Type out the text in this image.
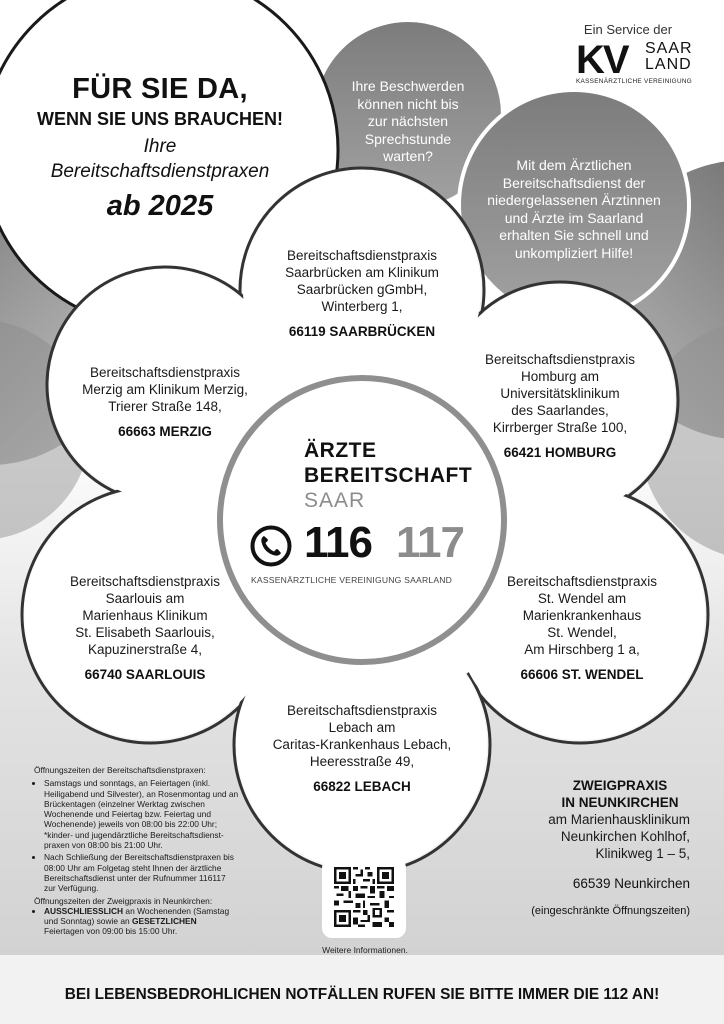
Ein Service der
KV SAAR
LAND
KASSENÄRZTLICHE VEREINIGUNG
FÜR SIE DA,
WENN SIE UNS BRAUCHEN!
Ihre
Bereitschaftsdienstpraxen
ab 2025
Ihre Beschwerden
können nicht bis
zur nächsten
Sprechstunde
warten?
Mit dem Ärztlichen
Bereitschaftsdienst der
niedergelassenen Ärztinnen
und Ärzte im Saarland
erhalten Sie schnell und
unkompliziert Hilfe!
Bereitschaftsdienstpraxis
Saarbrücken am Klinikum
Saarbrücken gGmbH,
Winterberg 1,
66119 SAARBRÜCKEN
Bereitschaftsdienstpraxis
Merzig am Klinikum Merzig,
Trierer Straße 148,
66663 MERZIG
Bereitschaftsdienstpraxis
Homburg am
Universitätsklinikum
des Saarlandes,
Kirrberger Straße 100,
66421 HOMBURG
Bereitschaftsdienstpraxis
Saarlouis am
Marienhaus Klinikum
St. Elisabeth Saarlouis,
Kapuzinerstraße 4,
66740 SAARLOUIS
Bereitschaftsdienstpraxis
St. Wendel am
Marienkrankenhaus
St. Wendel,
Am Hirschberg 1 a,
66606 ST. WENDEL
Bereitschaftsdienstpraxis
Lebach am
Caritas-Krankenhaus Lebach,
Heeresstraße 49,
66822 LEBACH
ÄRZTE
BEREITSCHAFT
SAAR
116 117
KASSENÄRZTLICHE VEREINIGUNG SAARLAND
Öffnungszeiten der Bereitschaftsdienstpraxen:
• Samstags und sonntags, an Feiertagen (inkl. Heiligabend und Silvester), an Rosenmontag und an Brückentagen (einzelner Werktag zwischen Wochenende und Feiertag bzw. Feiertag und Wochenende) jeweils von 08:00 bis 22:00 Uhr; *kinder- und jugendärztliche Bereitschaftsdienst-praxen von 08:00 bis 21:00 Uhr.
• Nach Schließung der Bereitschaftsdienstpraxen bis 08:00 Uhr am Folgetag steht Ihnen der ärztliche Bereitschaftsdienst unter der Rufnummer 116117 zur Verfügung.
Öffnungszeiten der Zweigpraxis in Neunkirchen:
• AUSSCHLIESSLICH an Wochenenden (Samstag und Sonntag) sowie an GESETZLICHEN Feiertagen von 09:00 bis 15:00 Uhr.
ZWEIGPRAXIS
IN NEUNKIRCHEN
am Marienhausklinikum
Neunkirchen Kohlhof,
Klinikweg 1 – 5,
66539 Neunkirchen
(eingeschränkte Öffnungszeiten)
Weitere Informationen.
BEI LEBENSBEDROHLICHEN NOTFÄLLEN RUFEN SIE BITTE IMMER DIE 112 AN!
